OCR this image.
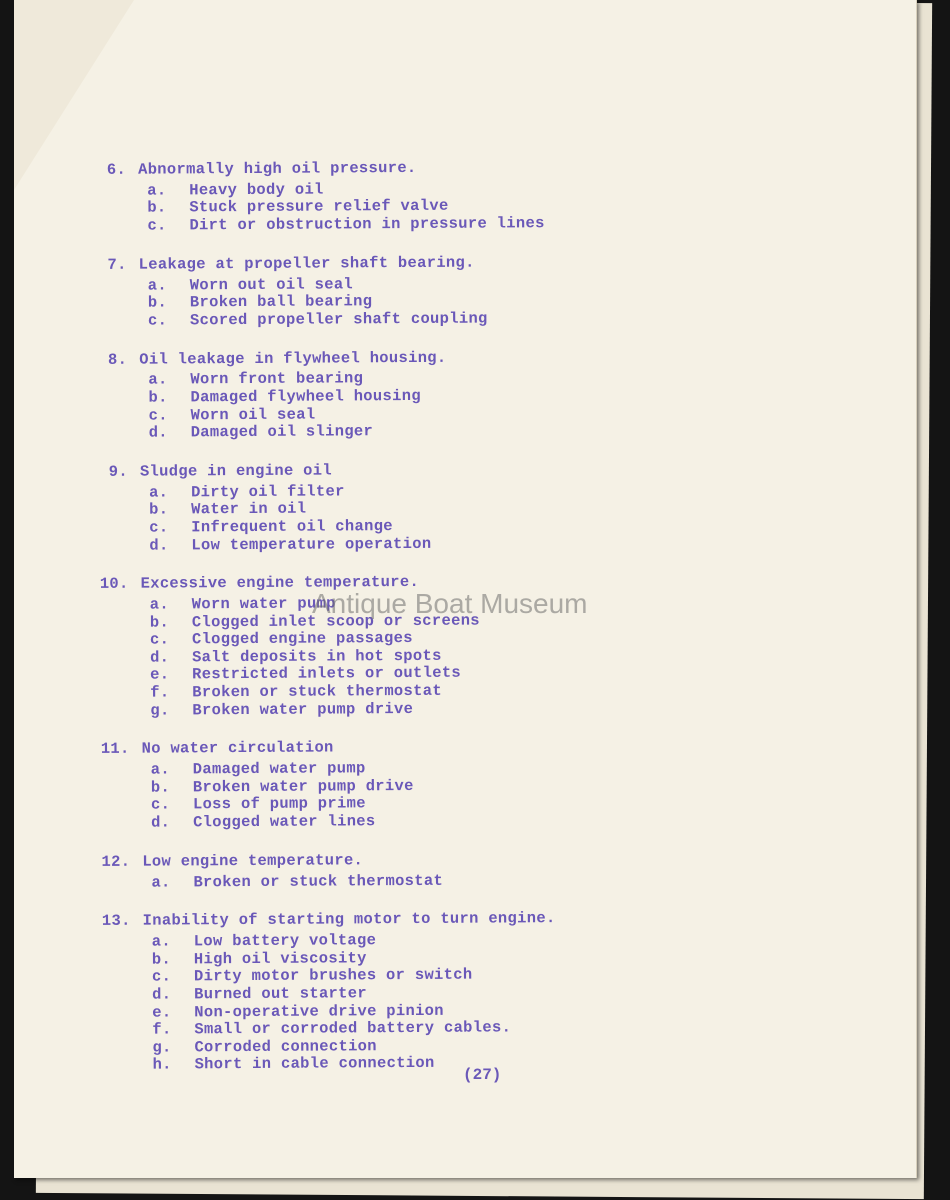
6. Abnormally high oil pressure.
a.	Heavy body oil
b.	Stuck pressure relief valve
c.	Dirt or obstruction in pressure lines
7. Leakage at propeller shaft bearing.
a.	Worn out oil seal
b.	Broken ball bearing
c.	Scored propeller shaft coupling
8. Oil leakage in flywheel housing.
a.	Worn front bearing
b.	Damaged flywheel housing
c.	Worn oil seal
d.	Damaged oil slinger
9. Sludge in engine oil
a.	Dirty oil filter
b.	Water in oil
c.	Infrequent oil change
d.	Low temperature operation
10. Excessive engine temperature.
a.	Worn water pump
b.	Clogged inlet scoop or screens
c.	Clogged engine passages
d.	Salt deposits in hot spots
e.	Restricted inlets or outlets
f.	Broken or stuck thermostat
g.	Broken water pump drive
11. No water circulation
a.	Damaged water pump
b.	Broken water pump drive
c.	Loss of pump prime
d.	Clogged water lines
12. Low engine temperature.
a.	Broken or stuck thermostat
13. Inability of starting motor to turn engine.
a.	Low battery voltage
b.	High oil viscosity
c.	Dirty motor brushes or switch
d.	Burned out starter
e.	Non-operative drive pinion
f.	Small or corroded battery cables.
g.	Corroded connection
h.	Short in cable connection
(27)
Antique Boat Museum
